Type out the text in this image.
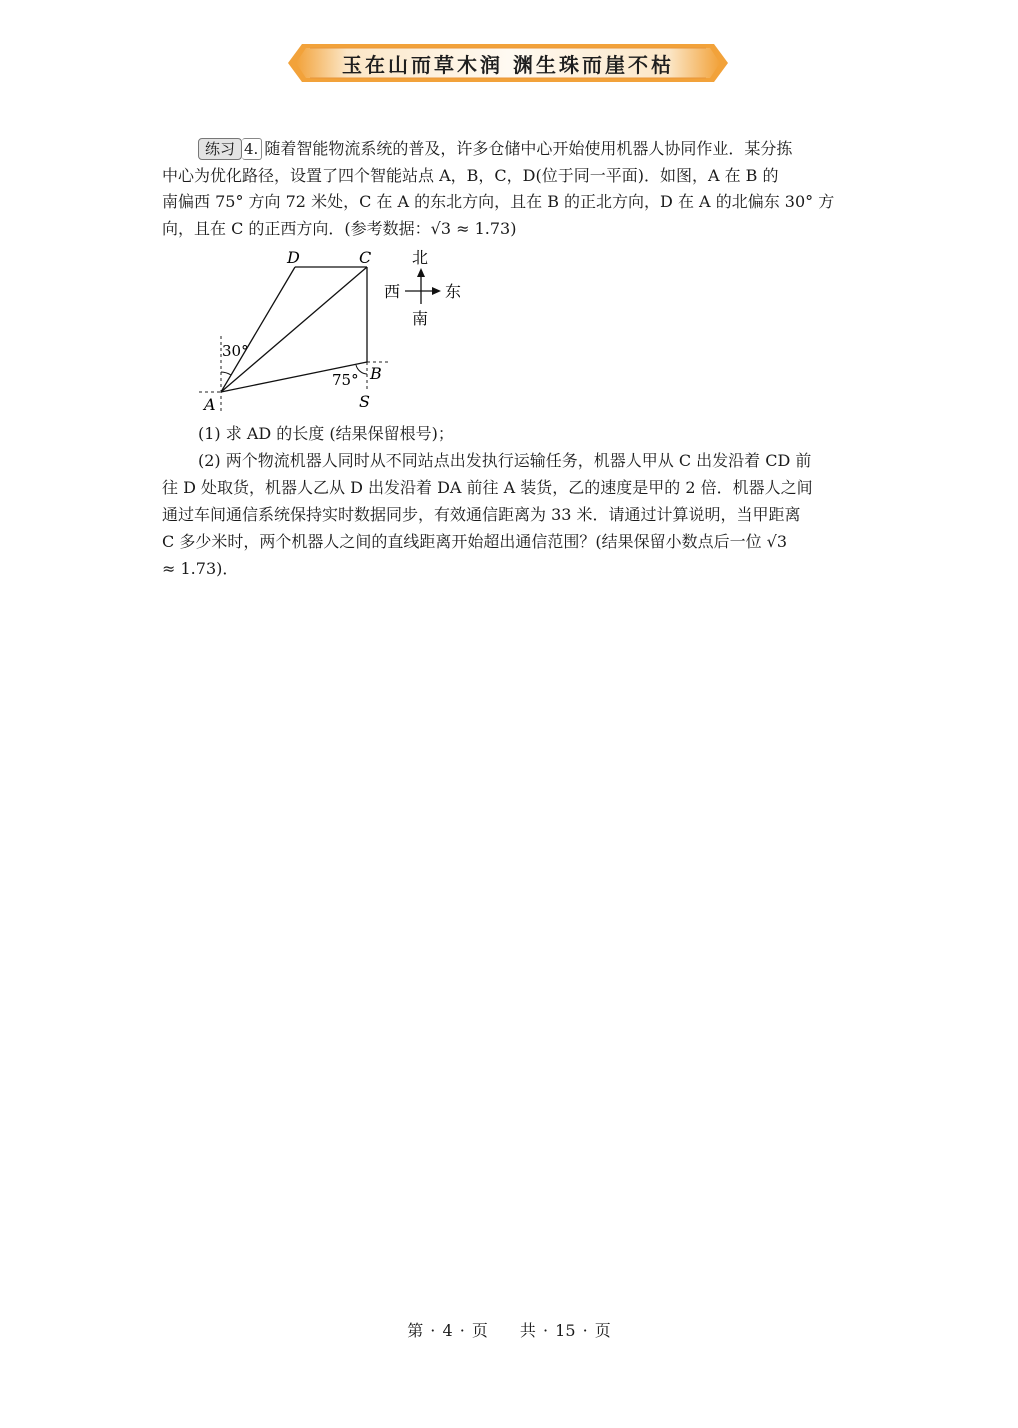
玉在山而草木润 渊生珠而崖不枯
练习 4. 随着智能物流系统的普及，许多仓储中心开始使用机器人协同作业．某分拣
中心为优化路径，设置了四个智能站点 A，B，C，D(位于同一平面)．如图，A 在 B 的
南偏西 75° 方向 72 米处，C 在 A 的东北方向，且在 B 的正北方向，D 在 A 的北偏东 30° 方
向，且在 C 的正西方向．(参考数据：√3 ≈ 1.73)
A
B
C
D
S
30°
75°
北
西	东
南
(1) 求 AD 的长度 (结果保留根号)；
(2) 两个物流机器人同时从不同站点出发执行运输任务，机器人甲从 C 出发沿着 CD 前
往 D 处取货，机器人乙从 D 出发沿着 DA 前往 A 装货，乙的速度是甲的 2 倍．机器人之间
通过车间通信系统保持实时数据同步，有效通信距离为 33 米．请通过计算说明，当甲距离
C 多少米时，两个机器人之间的直线距离开始超出通信范围？(结果保留小数点后一位 √3
≈ 1.73)．
第 · 4 · 页　　共 · 15 · 页
